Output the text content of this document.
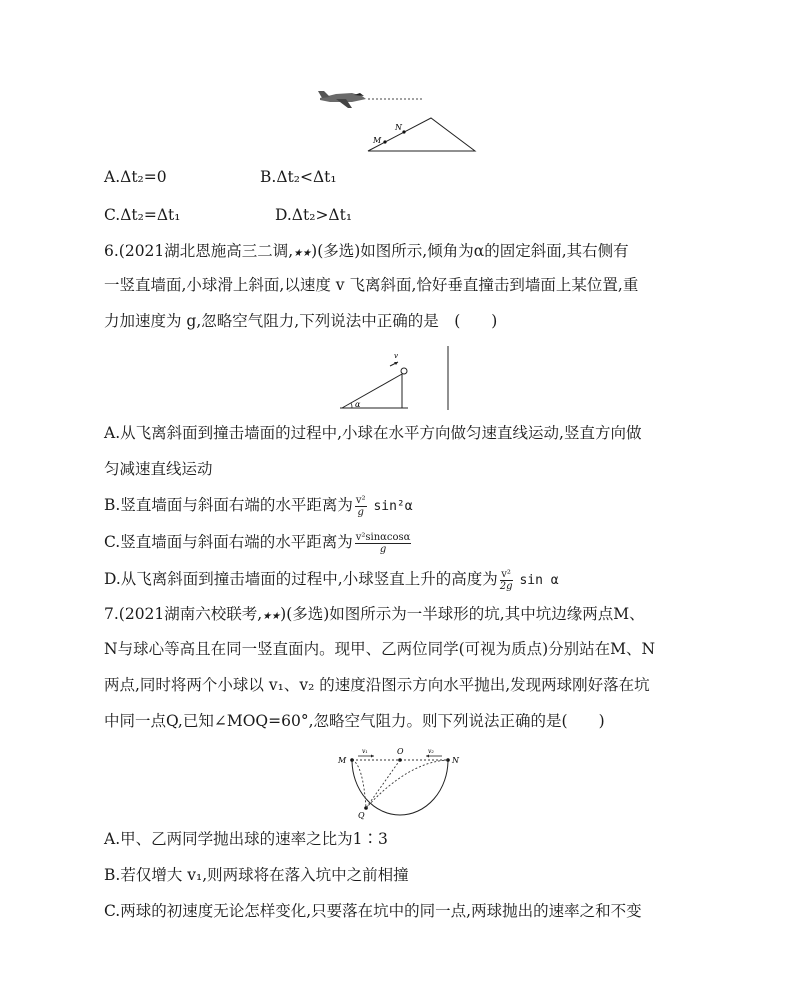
M
N
A.Δt₂=0	B.Δt₂<Δt₁
C.Δt₂=Δt₁	D.Δt₂>Δt₁
6.(2021湖北恩施高三二调,★★)(多选)如图所示,倾角为α的固定斜面,其右侧有
一竖直墙面,小球滑上斜面,以速度 v 飞离斜面,恰好垂直撞击到墙面上某位置,重
力加速度为 g,忽略空气阻力,下列说法中正确的是　(　　)
v
α
A.从飞离斜面到撞击墙面的过程中,小球在水平方向做匀速直线运动,竖直方向做
匀减速直线运动
B.竖直墙面与斜面右端的水平距离为 $\frac{\text{v²}}{g} \sin^2\alpha$
C.竖直墙面与斜面右端的水平距离为 $\frac{\text{v²sinαcosα}}{g}$
D.从飞离斜面到撞击墙面的过程中,小球竖直上升的高度为 $\frac{\text{v²}}{2g}$ sin α
7.(2021湖南六校联考,★★)(多选)如图所示为一半球形的坑,其中坑边缘两点M、
N与球心等高且在同一竖直面内。现甲、乙两位同学(可视为质点)分别站在M、N
两点,同时将两个小球以 v₁、v₂ 的速度沿图示方向水平抛出,发现两球刚好落在坑
中同一点Q,已知∠MOQ=60°,忽略空气阻力。则下列说法正确的是(　　)
M	N
O
Q
v₁	v₂
A.甲、乙两同学抛出球的速率之比为1∶3
B.若仅增大 v₁,则两球将在落入坑中之前相撞
C.两球的初速度无论怎样变化,只要落在坑中的同一点,两球抛出的速率之和不变
